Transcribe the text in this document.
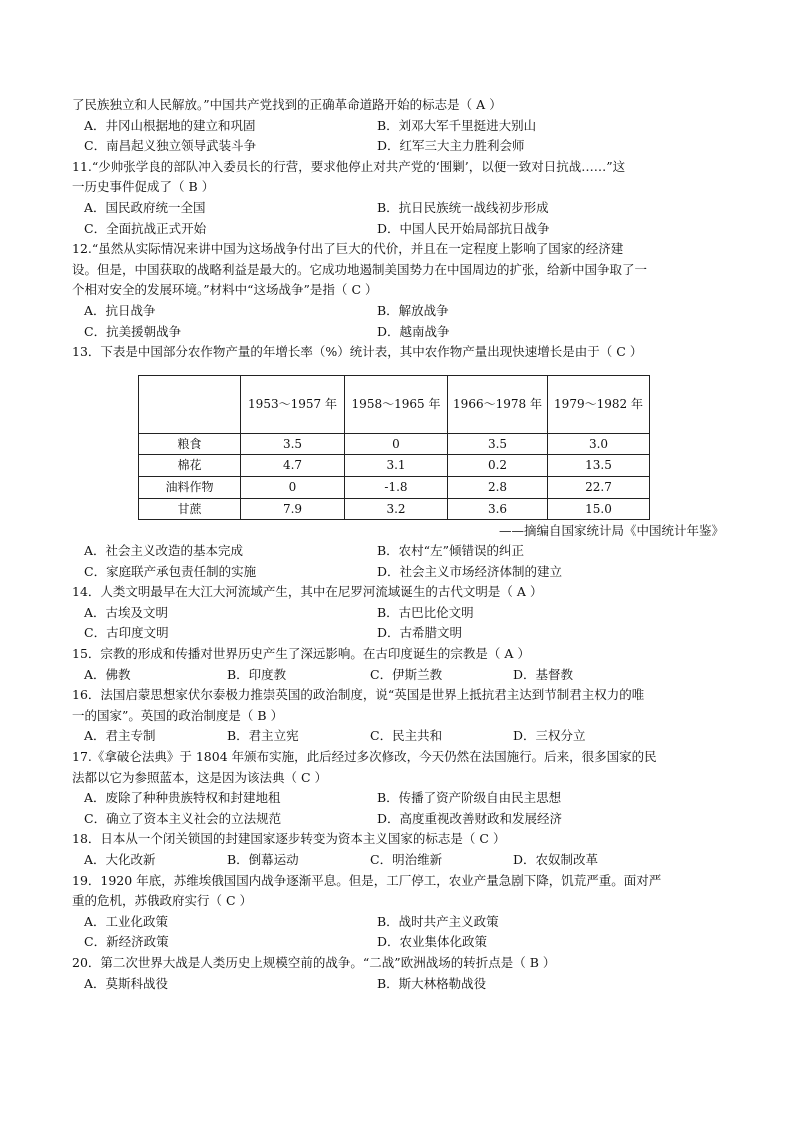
了民族独立和人民解放。”中国共产党找到的正确革命道路开始的标志是（ A ）
A．井冈山根据地的建立和巩固	B．刘邓大军千里挺进大别山
C．南昌起义独立领导武装斗争	D．红军三大主力胜利会师
11.“少帅张学良的部队冲入委员长的行营，要求他停止对共产党的‘围剿’，以便一致对日抗战……”这
一历史事件促成了（ B ）
A．国民政府统一全国	B．抗日民族统一战线初步形成
C．全面抗战正式开始	D．中国人民开始局部抗日战争
12.“虽然从实际情况来讲中国为这场战争付出了巨大的代价，并且在一定程度上影响了国家的经济建
设。但是，中国获取的战略利益是最大的。它成功地遏制美国势力在中国周边的扩张，给新中国争取了一
个相对安全的发展环境。”材料中“这场战争”是指（ C ）
A．抗日战争	B．解放战争
C．抗美援朝战争	D．越南战争
13．下表是中国部分农作物产量的年增长率（%）统计表，其中农作物产量出现快速增长是由于（ C ）
	1953～1957 年	1958～1965 年	1966～1978 年	1979～1982 年
粮食	3.5	0	3.5	3.0
棉花	4.7	3.1	0.2	13.5
油料作物	0	-1.8	2.8	22.7
甘蔗	7.9	3.2	3.6	15.0
——摘编自国家统计局《中国统计年鉴》
A．社会主义改造的基本完成	B．农村“左”倾错误的纠正
C．家庭联产承包责任制的实施	D．社会主义市场经济体制的建立
14．人类文明最早在大江大河流域产生，其中在尼罗河流域诞生的古代文明是（ A ）
A．古埃及文明	B．古巴比伦文明
C．古印度文明	D．古希腊文明
15．宗教的形成和传播对世界历史产生了深远影响。在古印度诞生的宗教是（ A ）
A．佛教	B．印度教	C．伊斯兰教	D．基督教
16．法国启蒙思想家伏尔泰极力推崇英国的政治制度，说“英国是世界上抵抗君主达到节制君主权力的唯
一的国家”。英国的政治制度是（ B ）
A．君主专制	B．君主立宪	C．民主共和	D．三权分立
17.《拿破仑法典》于 1804 年颁布实施，此后经过多次修改，今天仍然在法国施行。后来，很多国家的民
法都以它为参照蓝本，这是因为该法典（ C ）
A．废除了种种贵族特权和封建地租	B．传播了资产阶级自由民主思想
C．确立了资本主义社会的立法规范	D．高度重视改善财政和发展经济
18．日本从一个闭关锁国的封建国家逐步转变为资本主义国家的标志是（ C ）
A．大化改新	B．倒幕运动	C．明治维新	D．农奴制改革
19．1920 年底，苏维埃俄国国内战争逐渐平息。但是，工厂停工，农业产量急剧下降，饥荒严重。面对严
重的危机，苏俄政府实行（ C ）
A．工业化政策	B．战时共产主义政策
C．新经济政策	D．农业集体化政策
20．第二次世界大战是人类历史上规模空前的战争。“二战”欧洲战场的转折点是（ B ）
A．莫斯科战役	B．斯大林格勒战役
